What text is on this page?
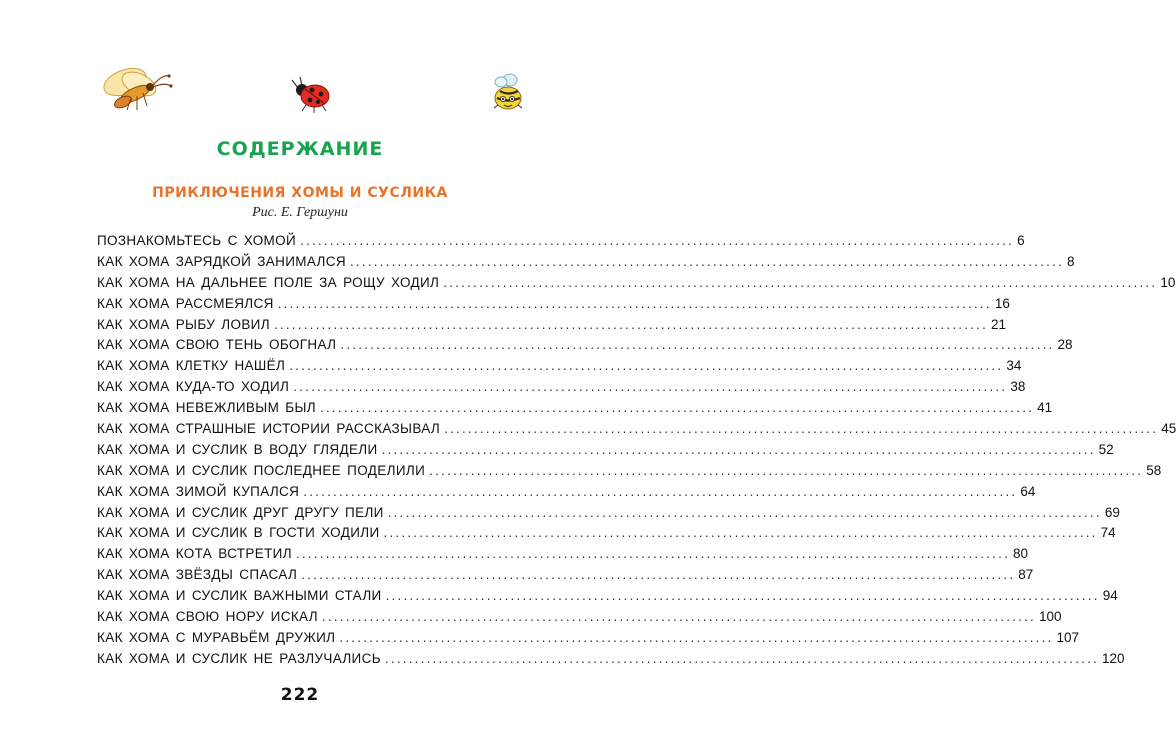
СОДЕРЖАНИЕ
ПРИКЛЮЧЕНИЯ ХОМЫ И СУСЛИКА
Рис. Е. Гершуни
ПОЗНАКОМЬТЕСЬ С ХОМОЙ ........................................................................................................................ 6
КАК ХОМА ЗАРЯДКОЙ ЗАНИМАЛСЯ ........................................................................................................................ 8
КАК ХОМА НА ДАЛЬНЕЕ ПОЛЕ ЗА РОЩУ ХОДИЛ ........................................................................................................................ 10
КАК ХОМА РАССМЕЯЛСЯ ........................................................................................................................ 16
КАК ХОМА РЫБУ ЛОВИЛ ........................................................................................................................ 21
КАК ХОМА СВОЮ ТЕНЬ ОБОГНАЛ ........................................................................................................................ 28
КАК ХОМА КЛЕТКУ НАШЁЛ ........................................................................................................................ 34
КАК ХОМА КУДА-ТО ХОДИЛ ........................................................................................................................ 38
КАК ХОМА НЕВЕЖЛИВЫМ БЫЛ ........................................................................................................................ 41
КАК ХОМА СТРАШНЫЕ ИСТОРИИ РАССКАЗЫВАЛ ........................................................................................................................ 45
КАК ХОМА И СУСЛИК В ВОДУ ГЛЯДЕЛИ ........................................................................................................................ 52
КАК ХОМА И СУСЛИК ПОСЛЕДНЕЕ ПОДЕЛИЛИ ........................................................................................................................ 58
КАК ХОМА ЗИМОЙ КУПАЛСЯ ........................................................................................................................ 64
КАК ХОМА И СУСЛИК ДРУГ ДРУГУ ПЕЛИ ........................................................................................................................ 69
КАК ХОМА И СУСЛИК В ГОСТИ ХОДИЛИ ........................................................................................................................ 74
КАК ХОМА КОТА ВСТРЕТИЛ ........................................................................................................................ 80
КАК ХОМА ЗВЁЗДЫ СПАСАЛ ........................................................................................................................ 87
КАК ХОМА И СУСЛИК ВАЖНЫМИ СТАЛИ ........................................................................................................................ 94
КАК ХОМА СВОЮ НОРУ ИСКАЛ ........................................................................................................................ 100
КАК ХОМА С МУРАВЬЁМ ДРУЖИЛ ........................................................................................................................ 107
КАК ХОМА И СУСЛИК НЕ РАЗЛУЧАЛИСЬ ........................................................................................................................ 120
222
